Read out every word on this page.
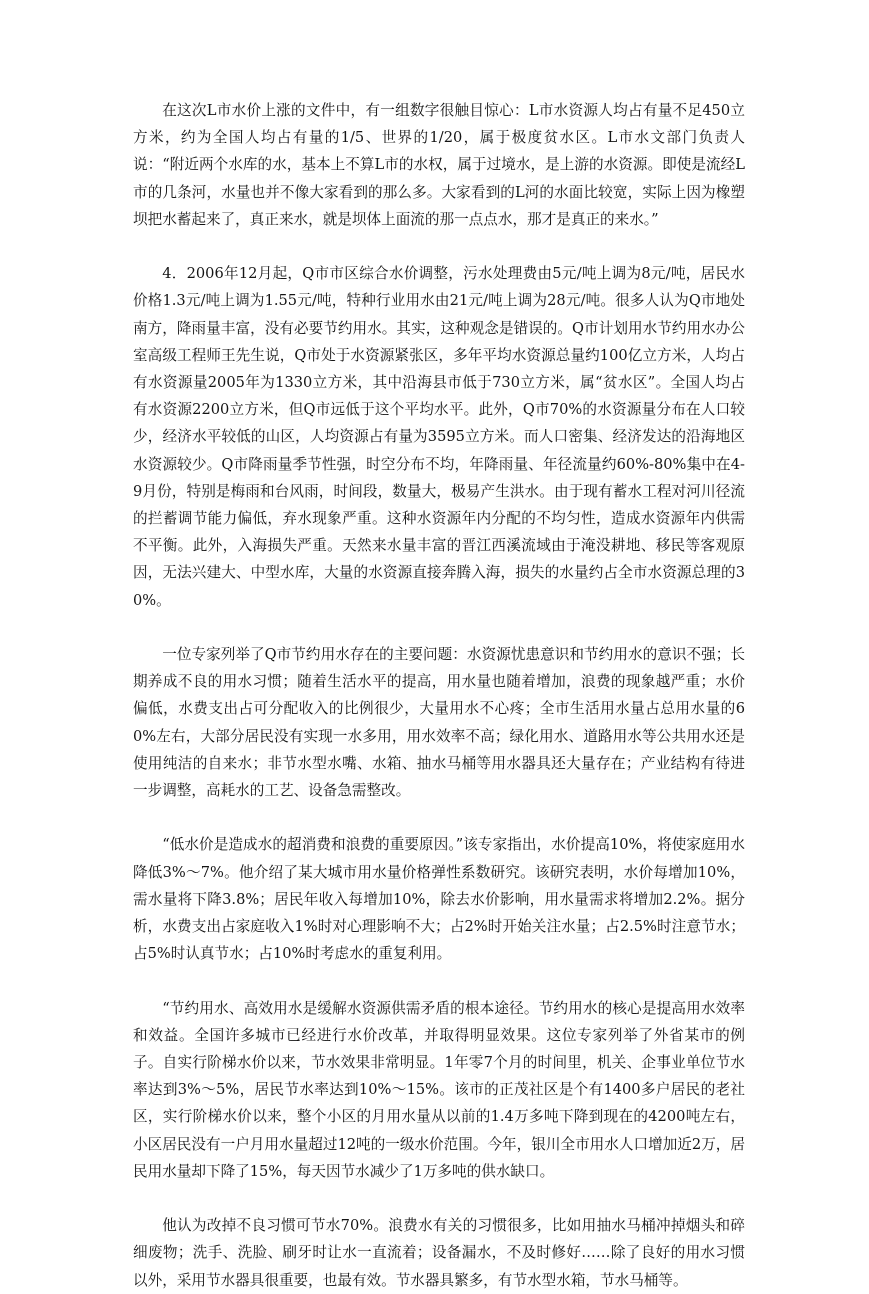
在这次L市水价上涨的文件中，有一组数字很触目惊心：L市水资源人均占有量不足450立方米，约为全国人均占有量的1/5、世界的1/20，属于极度贫水区。L市水文部门负责人说：“附近两个水库的水，基本上不算L市的水权，属于过境水，是上游的水资源。即使是流经L市的几条河，水量也并不像大家看到的那么多。大家看到的L河的水面比较宽，实际上因为橡塑坝把水蓄起来了，真正来水，就是坝体上面流的那一点点水，那才是真正的来水。”

4．2006年12月起，Q市市区综合水价调整，污水处理费由5元/吨上调为8元/吨，居民水价格1.3元/吨上调为1.55元/吨，特种行业用水由21元/吨上调为28元/吨。很多人认为Q市地处南方，降雨量丰富，没有必要节约用水。其实，这种观念是错误的。Q市计划用水节约用水办公室高级工程师王先生说，Q市处于水资源紧张区，多年平均水资源总量约100亿立方米，人均占有水资源量2005年为1330立方米，其中沿海县市低于730立方米，属“贫水区”。全国人均占有水资源2200立方米，但Q市远低于这个平均水平。此外，Q市70%的水资源量分布在人口较少，经济水平较低的山区，人均资源占有量为3595立方米。而人口密集、经济发达的沿海地区水资源较少。Q市降雨量季节性强，时空分布不均，年降雨量、年径流量约60%-80%集中在4-9月份，特别是梅雨和台风雨，时间段，数量大，极易产生洪水。由于现有蓄水工程对河川径流的拦蓄调节能力偏低，弃水现象严重。这种水资源年内分配的不均匀性，造成水资源年内供需不平衡。此外，入海损失严重。天然来水量丰富的晋江西溪流域由于淹没耕地、移民等客观原因，无法兴建大、中型水库，大量的水资源直接奔腾入海，损失的水量约占全市水资源总理的30%。

一位专家列举了Q市节约用水存在的主要问题：水资源忧患意识和节约用水的意识不强；长期养成不良的用水习惯；随着生活水平的提高，用水量也随着增加，浪费的现象越严重；水价偏低，水费支出占可分配收入的比例很少，大量用水不心疼；全市生活用水量占总用水量的60%左右，大部分居民没有实现一水多用，用水效率不高；绿化用水、道路用水等公共用水还是使用纯洁的自来水；非节水型水嘴、水箱、抽水马桶等用水器具还大量存在；产业结构有待进一步调整，高耗水的工艺、设备急需整改。

“低水价是造成水的超消费和浪费的重要原因。”该专家指出，水价提高10%，将使家庭用水降低3%～7%。他介绍了某大城市用水量价格弹性系数研究。该研究表明，水价每增加10%，需水量将下降3.8%；居民年收入每增加10%，除去水价影响，用水量需求将增加2.2%。据分析，水费支出占家庭收入1%时对心理影响不大；占2%时开始关注水量；占2.5%时注意节水；占5%时认真节水；占10%时考虑水的重复利用。

“节约用水、高效用水是缓解水资源供需矛盾的根本途径。节约用水的核心是提高用水效率和效益。全国许多城市已经进行水价改革，并取得明显效果。这位专家列举了外省某市的例子。自实行阶梯水价以来，节水效果非常明显。1年零7个月的时间里，机关、企事业单位节水率达到3%～5%，居民节水率达到10%～15%。该市的正茂社区是个有1400多户居民的老社区，实行阶梯水价以来，整个小区的月用水量从以前的1.4万多吨下降到现在的4200吨左右，小区居民没有一户月用水量超过12吨的一级水价范围。今年，银川全市用水人口增加近2万，居民用水量却下降了15%，每天因节水减少了1万多吨的供水缺口。

他认为改掉不良习惯可节水70%。浪费水有关的习惯很多，比如用抽水马桶冲掉烟头和碎细废物；洗手、洗脸、刷牙时让水一直流着；设备漏水，不及时修好……除了良好的用水习惯以外，采用节水器具很重要，也最有效。节水器具繁多，有节水型水箱，节水马桶等。
